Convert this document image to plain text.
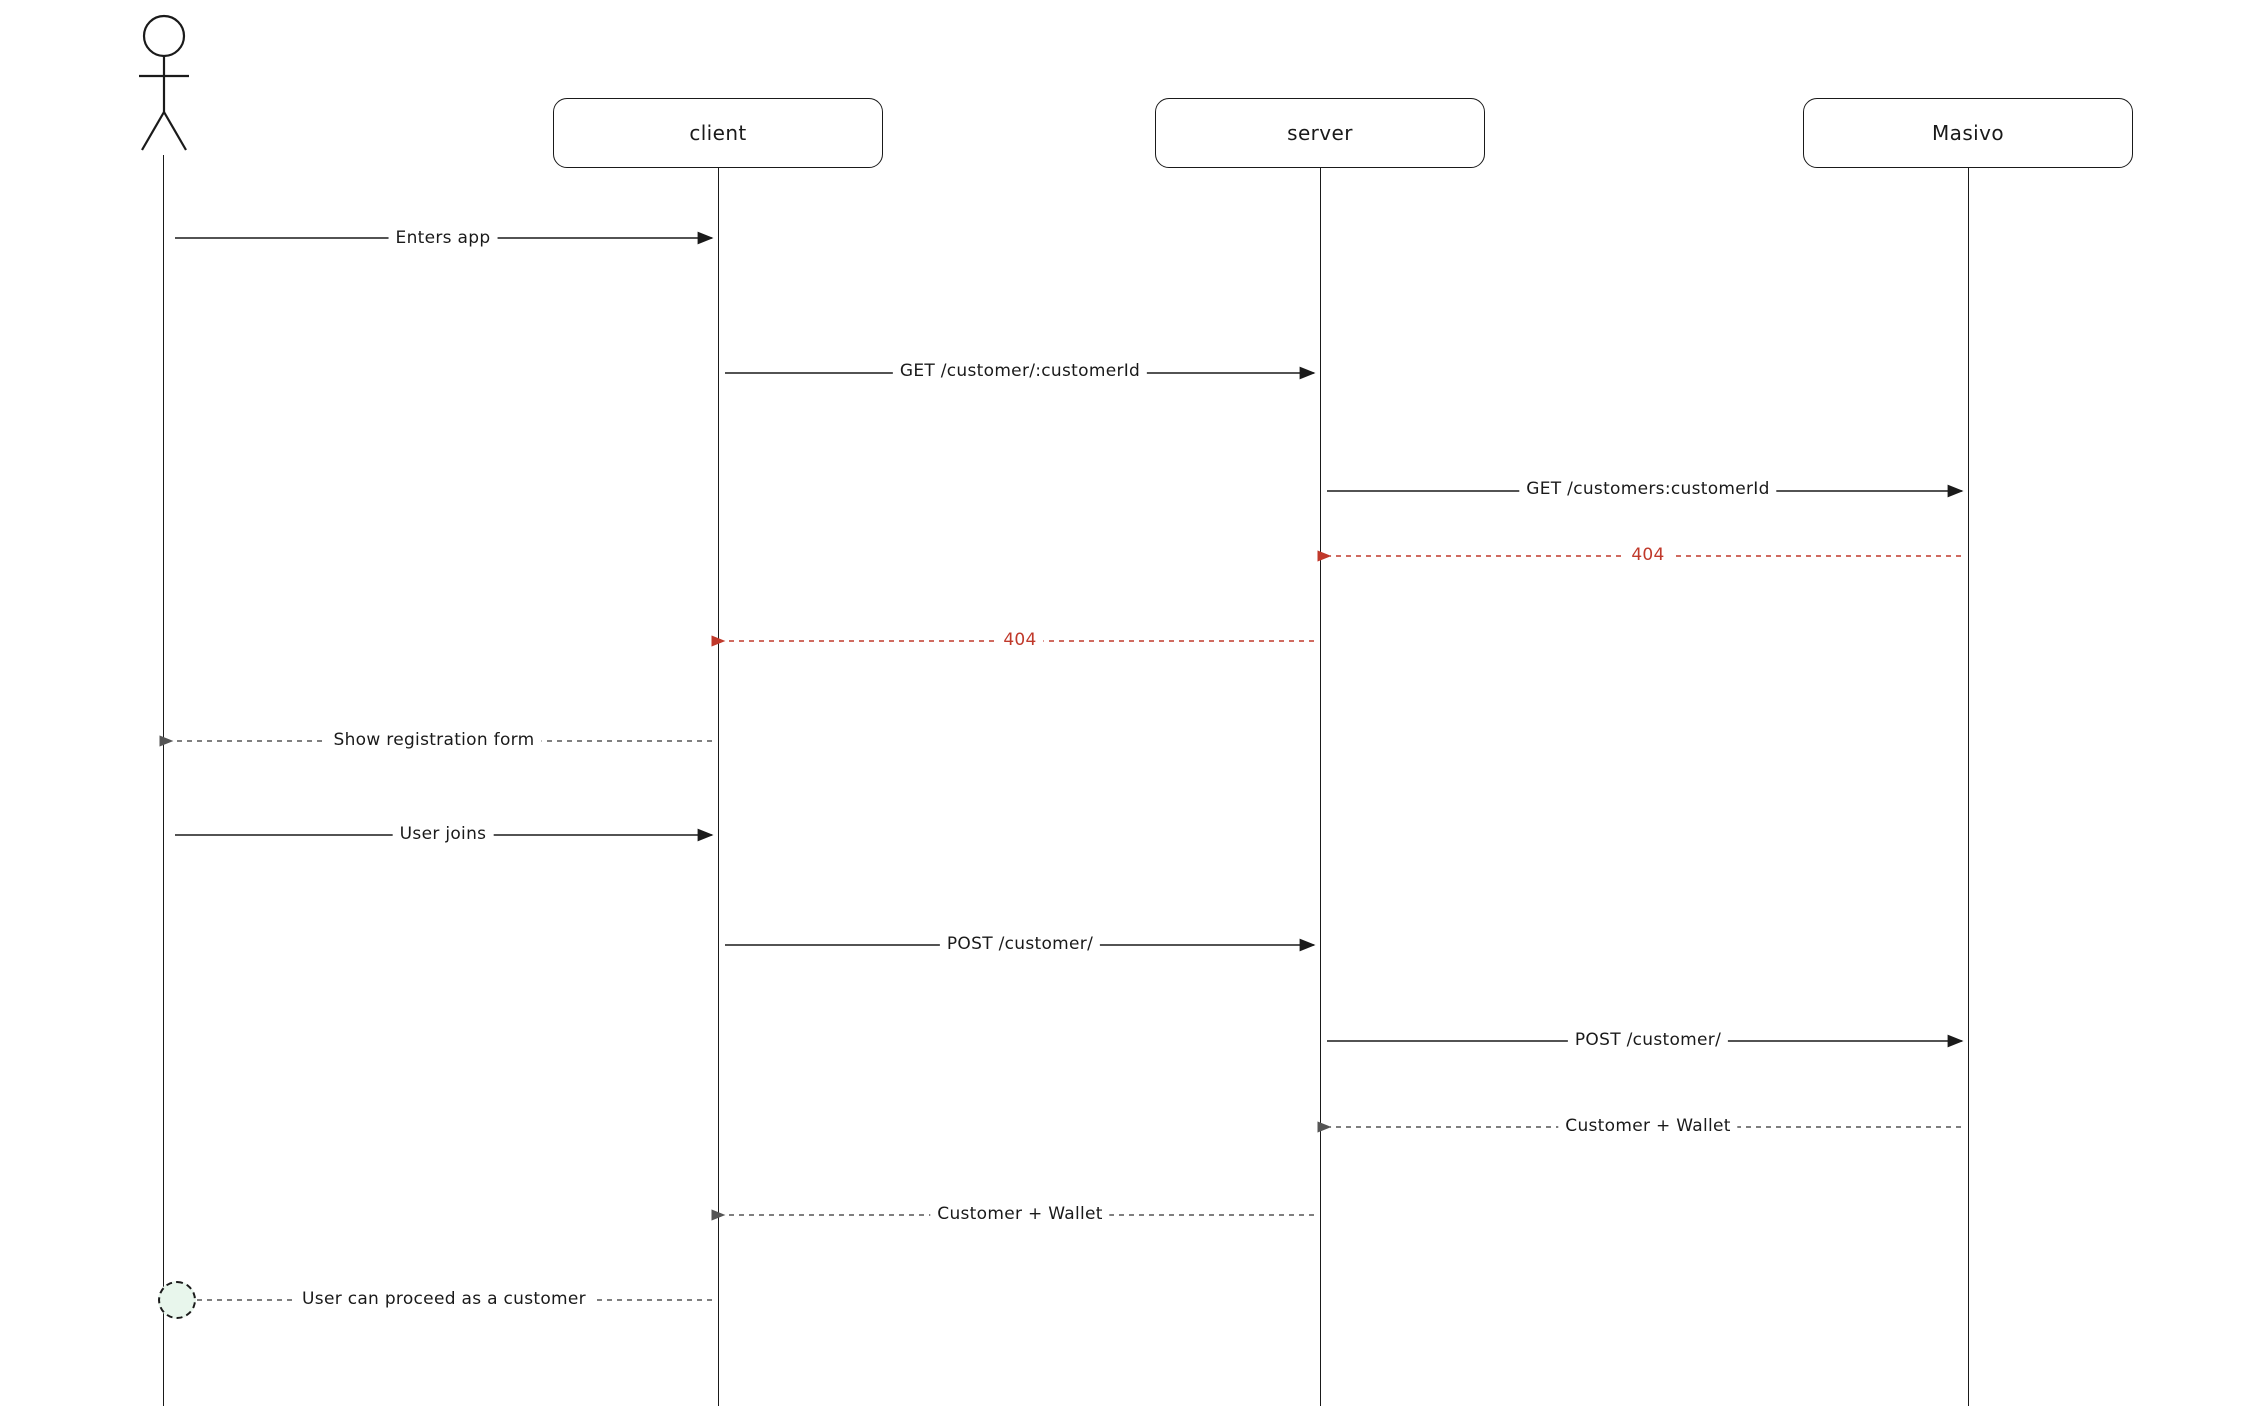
client	server	Masivo
Enters app
GET /customer/:customerId
GET /customers:customerId
404
404
Show registration form
User joins
POST /customer/
POST /customer/
Customer + Wallet
Customer + Wallet
User can proceed as a customer
